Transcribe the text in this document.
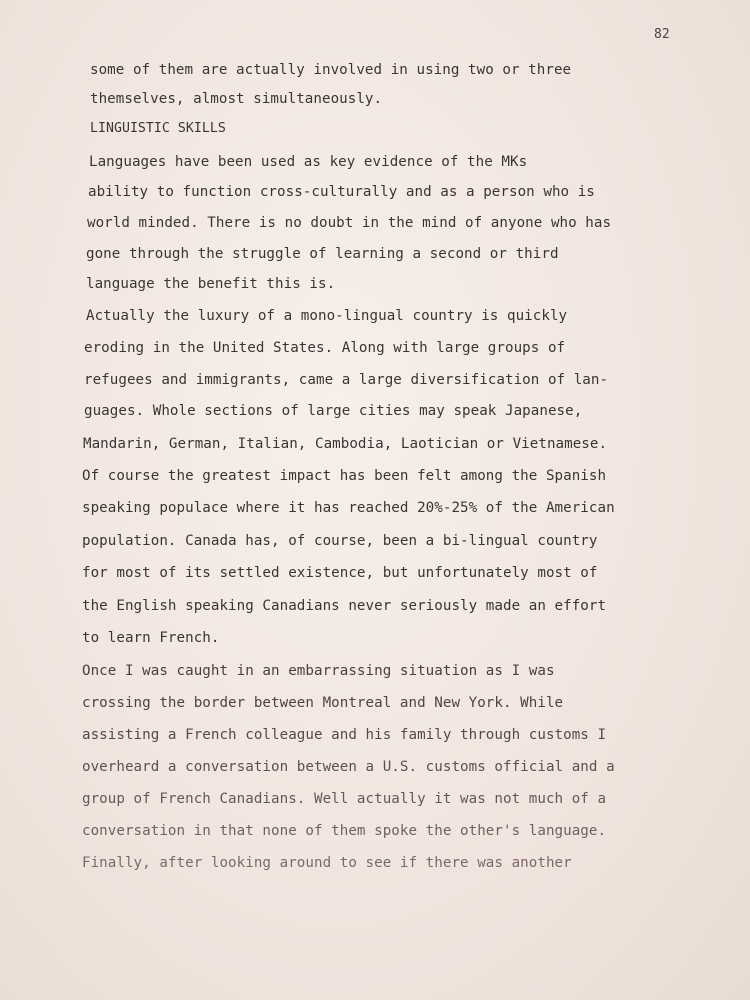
82
some of them are actually involved in using two or three
themselves, almost simultaneously.
LINGUISTIC SKILLS
Languages have been used as key evidence of the MKs
ability to function cross-culturally and as a person who is
world minded. There is no doubt in the mind of anyone who has
gone through the struggle of learning a second or third
language the benefit this is.
Actually the luxury of a mono-lingual country is quickly
eroding in the United States. Along with large groups of
refugees and immigrants, came a large diversification of lan-
guages. Whole sections of large cities may speak Japanese,
Mandarin, German, Italian, Cambodia, Laotician or Vietnamese.
Of course the greatest impact has been felt among the Spanish
speaking populace where it has reached 20%-25% of the American
population. Canada has, of course, been a bi-lingual country
for most of its settled existence, but unfortunately most of
the English speaking Canadians never seriously made an effort
to learn French.
Once I was caught in an embarrassing situation as I was
crossing the border between Montreal and New York. While
assisting a French colleague and his family through customs I
overheard a conversation between a U.S. customs official and a
group of French Canadians. Well actually it was not much of a
conversation in that none of them spoke the other's language.
Finally, after looking around to see if there was another
